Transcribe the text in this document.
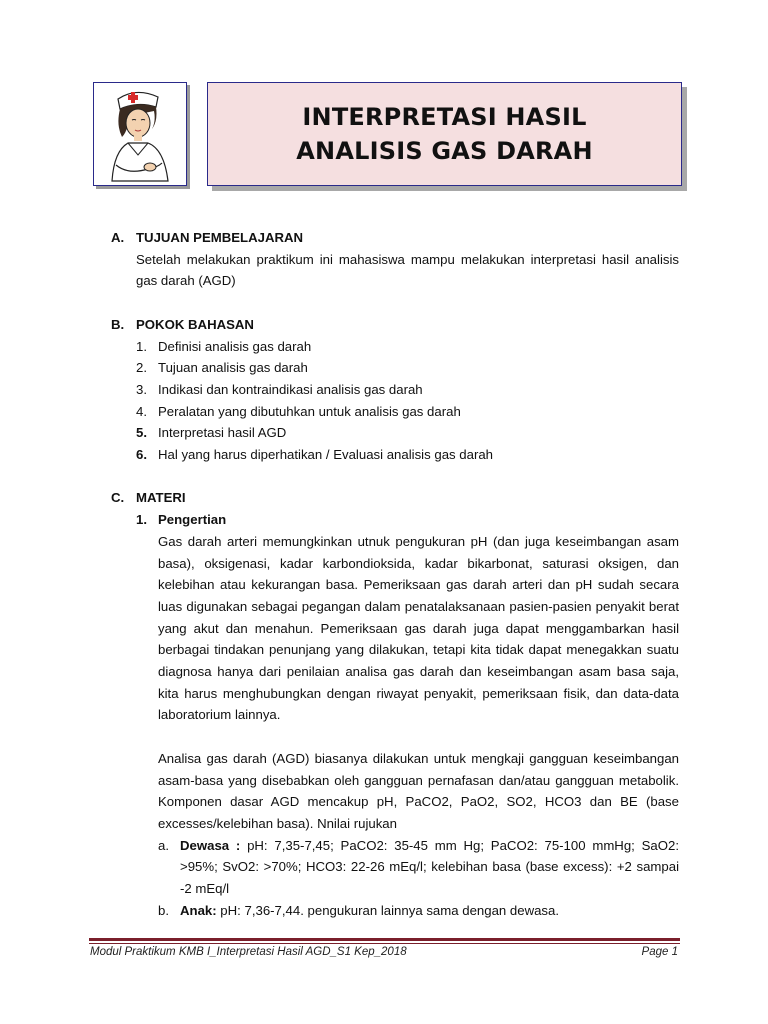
INTERPRETASI HASIL
ANALISIS GAS DARAH
A. TUJUAN PEMBELAJARAN
Setelah melakukan praktikum ini mahasiswa mampu melakukan interpretasi hasil analisis gas darah (AGD)
B. POKOK BAHASAN
1. Definisi analisis gas darah
2. Tujuan analisis gas darah
3. Indikasi dan kontraindikasi analisis gas darah
4. Peralatan yang dibutuhkan untuk analisis gas darah
5. Interpretasi hasil AGD
6. Hal yang harus diperhatikan / Evaluasi analisis gas darah
C. MATERI
1. Pengertian
Gas darah arteri memungkinkan utnuk pengukuran pH (dan juga keseimbangan asam basa), oksigenasi, kadar karbondioksida, kadar bikarbonat, saturasi oksigen, dan kelebihan atau kekurangan basa. Pemeriksaan gas darah arteri dan pH sudah secara luas digunakan sebagai pegangan dalam penatalaksanaan pasien-pasien penyakit berat yang akut dan menahun. Pemeriksaan gas darah juga dapat menggambarkan hasil berbagai tindakan penunjang yang dilakukan, tetapi kita tidak dapat menegakkan suatu diagnosa hanya dari penilaian analisa gas darah dan keseimbangan asam basa saja, kita harus menghubungkan dengan riwayat penyakit, pemeriksaan fisik, dan data-data laboratorium lainnya.
Analisa gas darah (AGD) biasanya dilakukan untuk mengkaji gangguan keseimbangan asam-basa yang disebabkan oleh gangguan pernafasan dan/atau gangguan metabolik. Komponen dasar AGD mencakup pH, PaCO2, PaO2, SO2, HCO3 dan BE (base excesses/kelebihan basa). Nnilai rujukan
a. Dewasa : pH: 7,35-7,45; PaCO2: 35-45 mm Hg; PaCO2: 75-100 mmHg; SaO2: >95%; SvO2: >70%; HCO3: 22-26 mEq/l; kelebihan basa (base excess): +2 sampai -2 mEq/l
b. Anak: pH: 7,36-7,44. pengukuran lainnya sama dengan dewasa.
Modul Praktikum KMB I_Interpretasi Hasil AGD_S1 Kep_2018	Page 1
